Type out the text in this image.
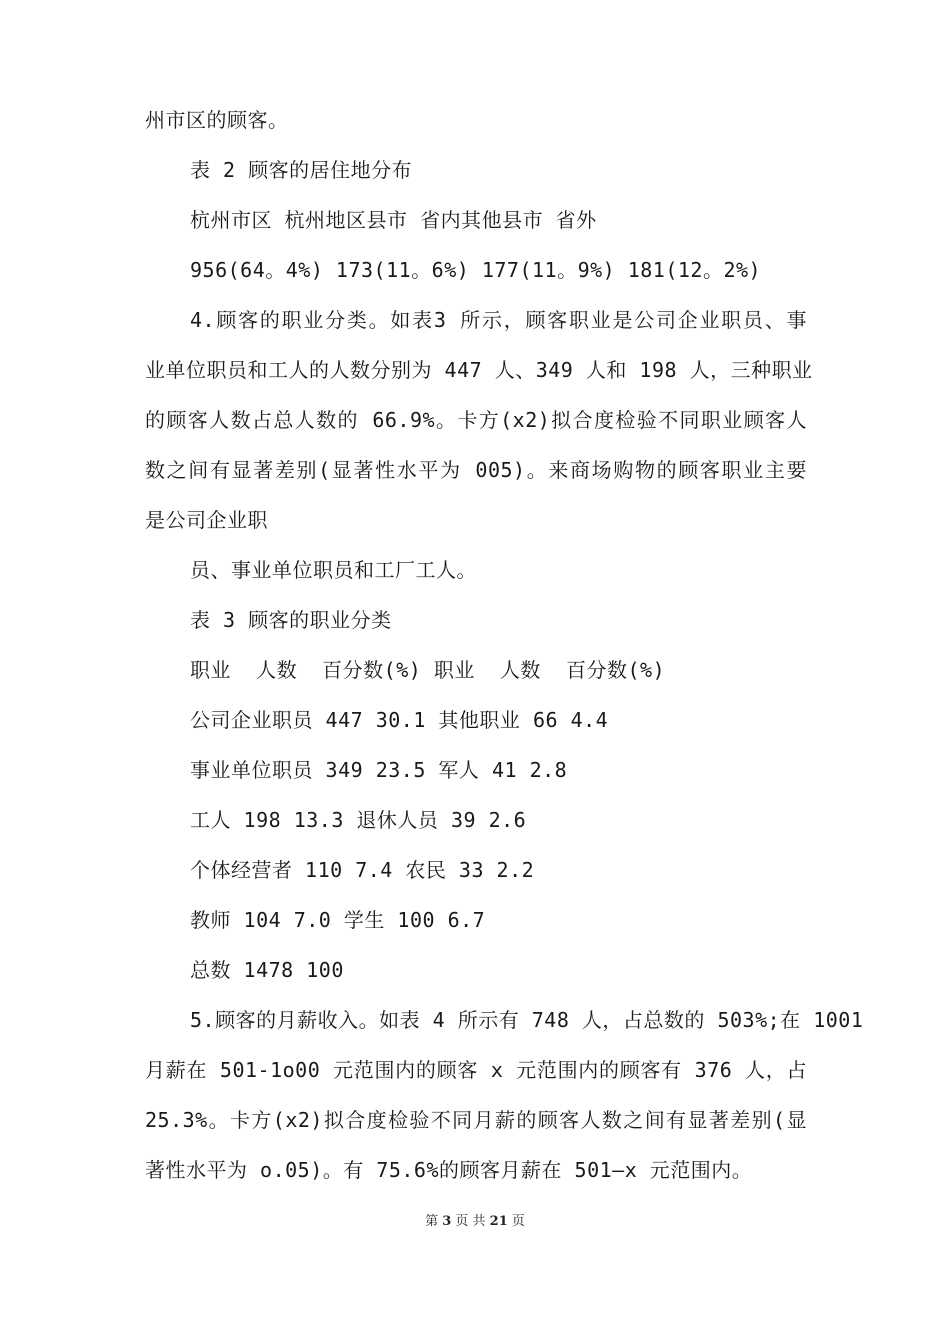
州市区的顾客。
表 2 顾客的居住地分布
杭州市区 杭州地区县市 省内其他县市 省外
956(64。4%) 173(11。6%) 177(11。9%) 181(12。2%)
4.顾客的职业分类。如表3 所示，顾客职业是公司企业职员、事
业单位职员和工人的人数分别为 447 人、349 人和 198 人，三种职业
的顾客人数占总人数的 66.9%。卡方(x2)拟合度检验不同职业顾客人
数之间有显著差别(显著性水平为 005)。来商场购物的顾客职业主要
是公司企业职
员、事业单位职员和工厂工人。
表 3 顾客的职业分类
职业  人数  百分数(%) 职业  人数  百分数(%)
公司企业职员 447 30.1 其他职业 66 4.4
事业单位职员 349 23.5 军人 41 2.8
工人 198 13.3 退休人员 39 2.6
个体经营者 110 7.4 农民 33 2.2
教师 104 7.0 学生 100 6.7
总数 1478 100
5.顾客的月薪收入。如表 4 所示有 748 人，占总数的 503%;在 1001
月薪在 501-1o00 元范围内的顾客 x 元范围内的顾客有 376 人，占
25.3%。卡方(x2)拟合度检验不同月薪的顾客人数之间有显著差别(显
著性水平为 o.05)。有 75.6%的顾客月薪在 501—x 元范围内。
第 3 页 共 21 页
